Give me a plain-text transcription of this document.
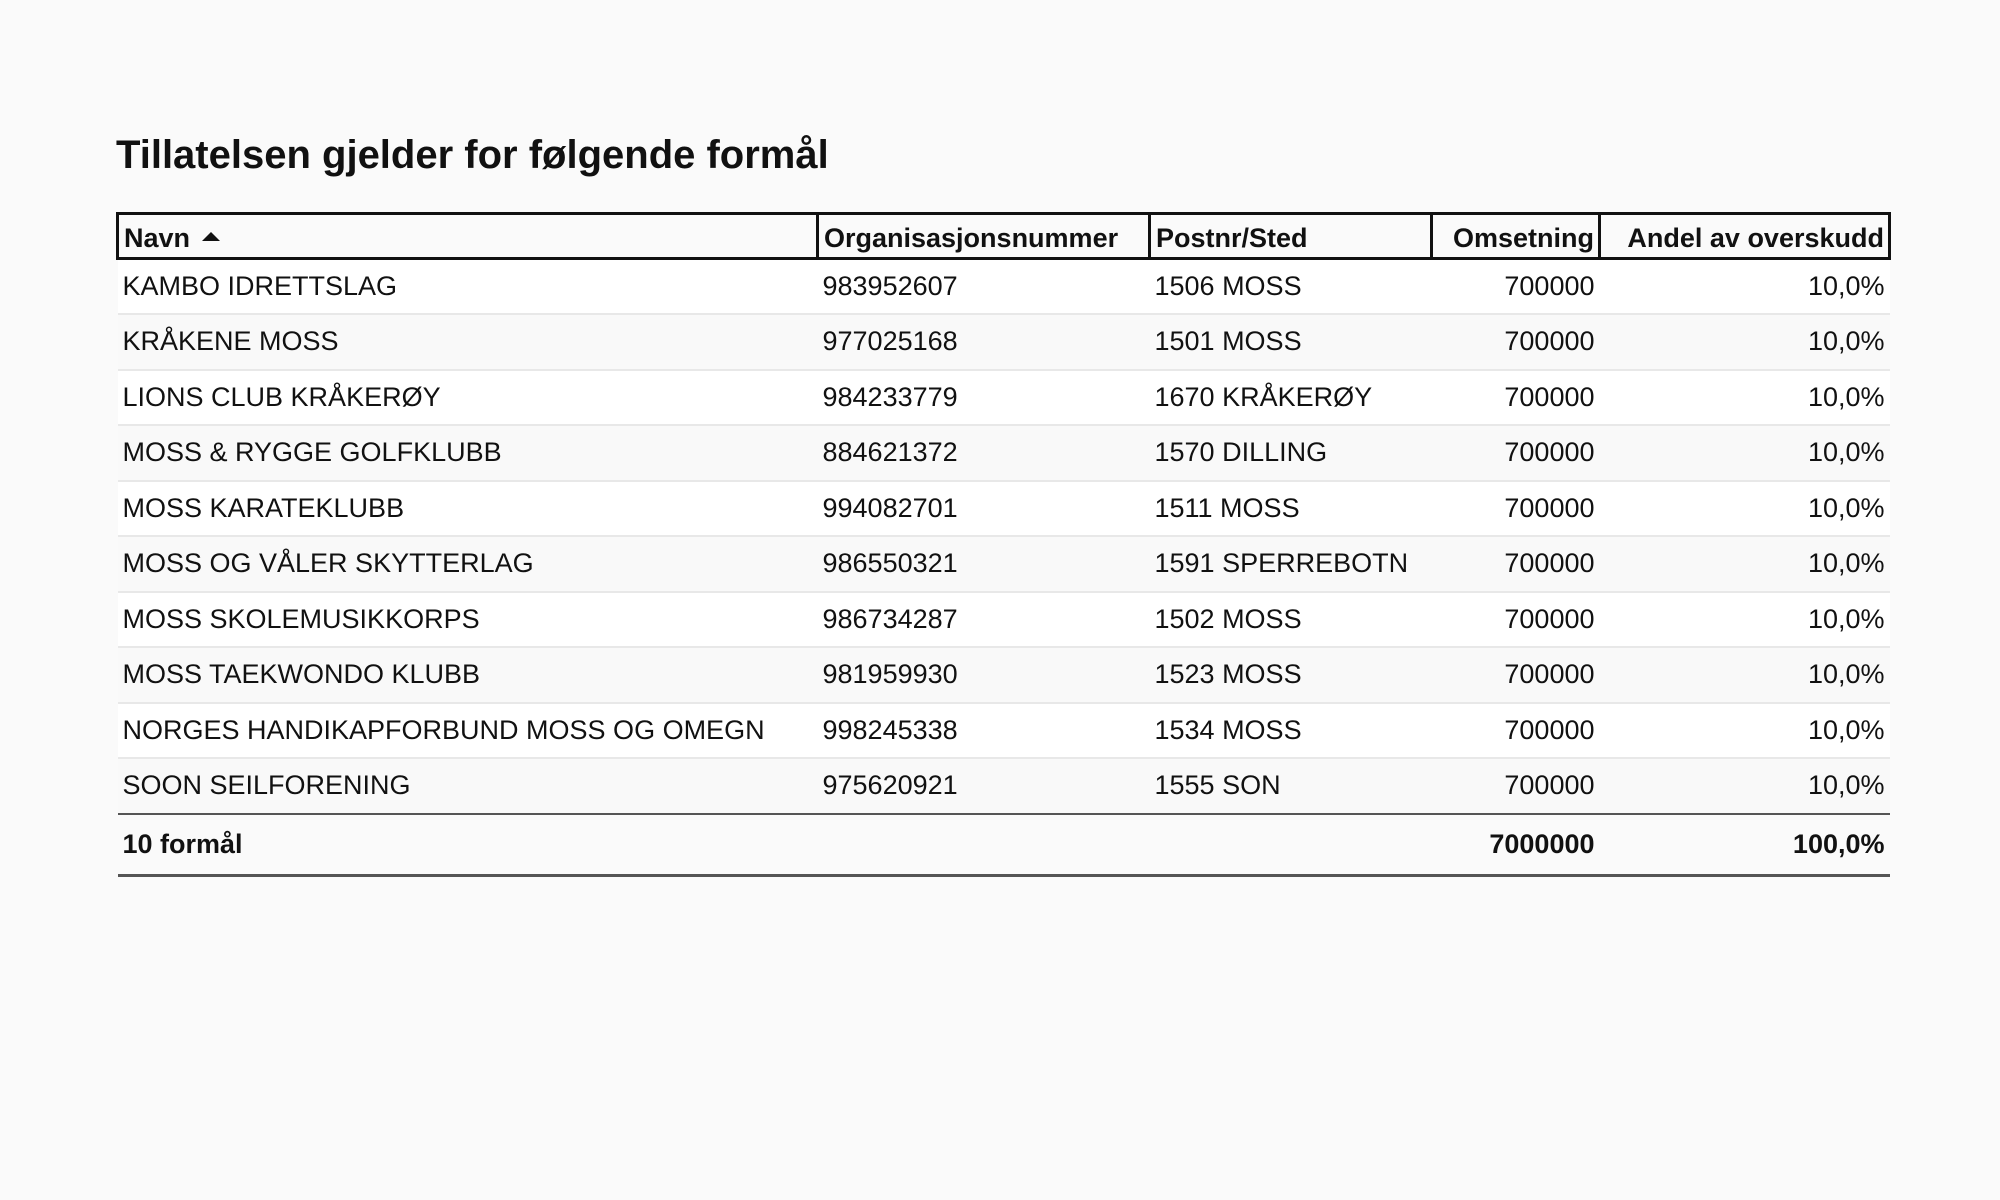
Tillatelsen gjelder for følgende formål
Navn	Organisasjonsnummer	Postnr/Sted	Omsetning	Andel av overskudd
KAMBO IDRETTSLAG	983952607	1506 MOSS	700000	10,0%
KRÅKENE MOSS	977025168	1501 MOSS	700000	10,0%
LIONS CLUB KRÅKERØY	984233779	1670 KRÅKERØY	700000	10,0%
MOSS & RYGGE GOLFKLUBB	884621372	1570 DILLING	700000	10,0%
MOSS KARATEKLUBB	994082701	1511 MOSS	700000	10,0%
MOSS OG VÅLER SKYTTERLAG	986550321	1591 SPERREBOTN	700000	10,0%
MOSS SKOLEMUSIKKORPS	986734287	1502 MOSS	700000	10,0%
MOSS TAEKWONDO KLUBB	981959930	1523 MOSS	700000	10,0%
NORGES HANDIKAPFORBUND MOSS OG OMEGN	998245338	1534 MOSS	700000	10,0%
SOON SEILFORENING	975620921	1555 SON	700000	10,0%
10 formål			7000000	100,0%
